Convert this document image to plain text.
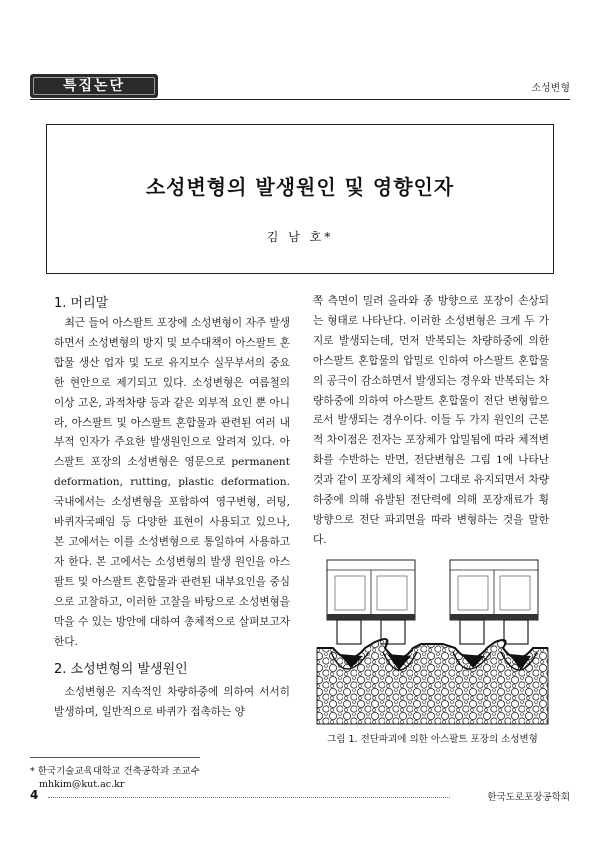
특집논단	소성변형
소성변형의 발생원인 및 영향인자
김 남 호*
1. 머리말

최근 들어 아스팔트 포장에 소성변형이 자주 발생하면서 소성변형의 방지 및 보수대책이 아스팔트 혼합물 생산 업자 및 도로 유지보수 실무부서의 중요한 현안으로 제기되고 있다. 소성변형은 여름철의 이상 고온, 과적차량 등과 같은 외부적 요인 뿐 아니라, 아스팔트 및 아스팔트 혼합물과 관련된 여러 내부적 인자가 주요한 발생원인으로 알려져 있다. 아스팔트 포장의 소성변형은 영문으로 permanent deformation, rutting, plastic deformation. 국내에서는 소성변형을 포함하여 영구변형, 러팅, 바퀴자국패임 등 다양한 표현이 사용되고 있으나, 본 고에서는 이를 소성변형으로 통일하여 사용하고자 한다. 본 고에서는 소성변형의 발생 원인을 아스팔트 및 아스팔트 혼합물과 관련된 내부요인을 중심으로 고찰하고, 이러한 고찰을 바탕으로 소성변형을 막을 수 있는 방안에 대하여 총체적으로 살펴보고자 한다.

2. 소성변형의 발생원인

소성변형은 지속적인 차량하중에 의하여 서서히 발생하며, 일반적으로 바퀴가 접촉하는 양

* 한국기술교육대학교 건축공학과 조교수
mhkim@kut.ac.kr

쪽 측면이 밀려 올라와 종 방향으로 포장이 손상되는 형태로 나타난다. 이러한 소성변형은 크게 두 가지로 발생되는데, 먼저 반복되는 차량하중에 의한 아스팔트 혼합물의 압밀로 인하여 아스팔트 혼합물의 공극이 감소하면서 발생되는 경우와 반복되는 차량하중에 의하여 아스팔트 혼합물이 전단 변형함으로서 발생되는 경우이다. 이들 두 가지 원인의 근본적 차이점은 전자는 포장체가 압밀됨에 따라 체적변화를 수반하는 반면, 전단변형은 그림 1에 나타난 것과 같이 포장체의 체적이 그대로 유지되면서 차량하중에 의해 유발된 전단력에 의해 포장재료가 횡 방향으로 전단 파괴면을 따라 변형하는 것을 말한다.

그림 1. 전단파괴에 의한 아스팔트 포장의 소성변형
4	한국도로포장공학회
